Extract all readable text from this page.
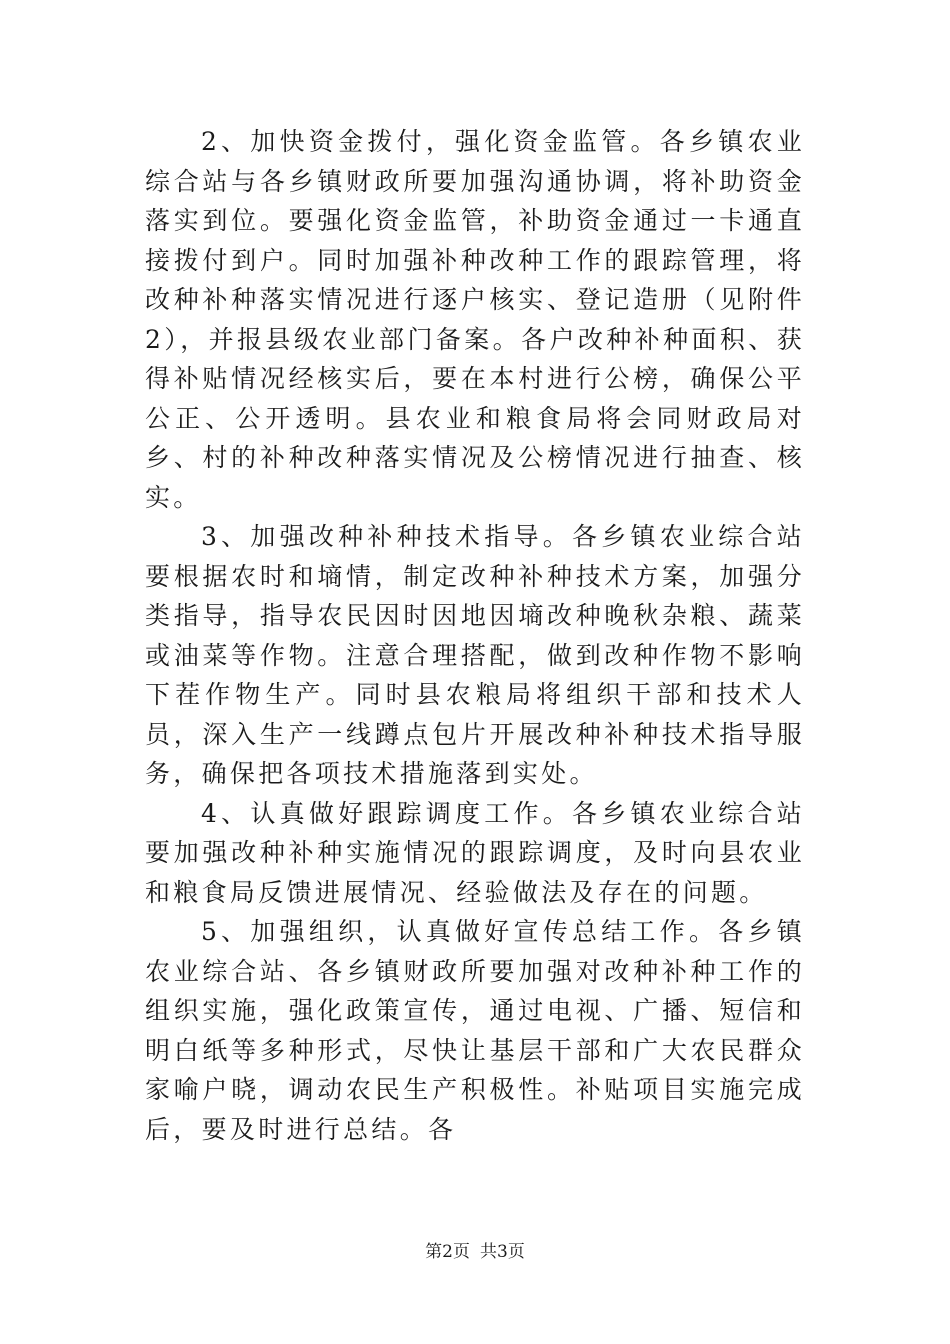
2、加快资金拨付，强化资金监管。各乡镇农业综合站与各乡镇财政所要加强沟通协调，将补助资金落实到位。要强化资金监管，补助资金通过一卡通直接拨付到户。同时加强补种改种工作的跟踪管理，将改种补种落实情况进行逐户核实、登记造册（见附件2），并报县级农业部门备案。各户改种补种面积、获得补贴情况经核实后，要在本村进行公榜，确保公平公正、公开透明。县农业和粮食局将会同财政局对乡、村的补种改种落实情况及公榜情况进行抽查、核实。

3、加强改种补种技术指导。各乡镇农业综合站要根据农时和墒情，制定改种补种技术方案，加强分类指导，指导农民因时因地因墒改种晚秋杂粮、蔬菜或油菜等作物。注意合理搭配，做到改种作物不影响下茬作物生产。同时县农粮局将组织干部和技术人员，深入生产一线蹲点包片开展改种补种技术指导服务，确保把各项技术措施落到实处。

4、认真做好跟踪调度工作。各乡镇农业综合站要加强改种补种实施情况的跟踪调度，及时向县农业和粮食局反馈进展情况、经验做法及存在的问题。

5、加强组织，认真做好宣传总结工作。各乡镇农业综合站、各乡镇财政所要加强对改种补种工作的组织实施，强化政策宣传，通过电视、广播、短信和明白纸等多种形式，尽快让基层干部和广大农民群众家喻户晓，调动农民生产积极性。补贴项目实施完成后，要及时进行总结。各

第2页 共3页
